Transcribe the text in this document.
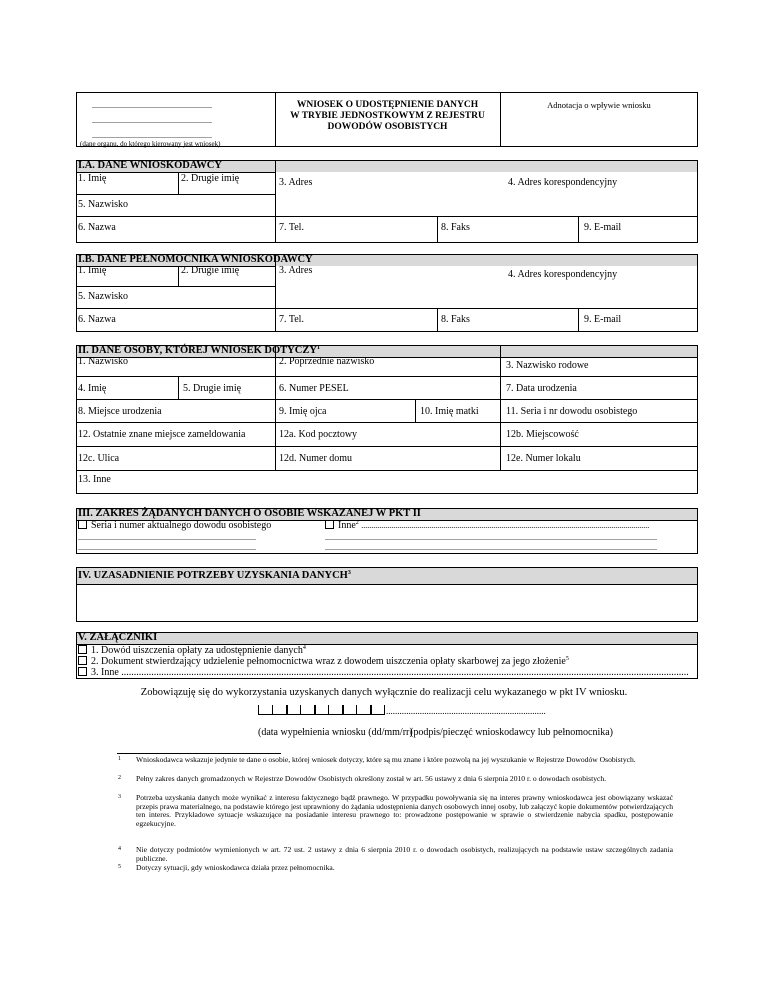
............................................................
............................................................
............................................................
(dane organu, do którego kierowany jest wniosek)
WNIOSEK O UDOSTĘPNIENIE DANYCH
W TRYBIE JEDNOSTKOWYM Z REJESTRU
DOWODÓW OSOBISTYCH
Adnotacja o wpływie wniosku
I.A. DANE WNIOSKODAWCY
1. Imię	2. Drugie imię	3. Adres	4. Adres korespondencyjny
5. Nazwisko
6. Nazwa	7. Tel.	8. Faks	9. E-mail
I.B. DANE PEŁNOMOCNIKA WNIOSKODAWCY
1. Imię	2. Drugie imię	3. Adres	4. Adres korespondencyjny
5. Nazwisko
6. Nazwa	7. Tel.	8. Faks	9. E-mail
II. DANE OSOBY, KTÓREJ WNIOSEK DOTYCZY$^1$
1. Nazwisko	2. Poprzednie nazwisko	3. Nazwisko rodowe
4. Imię	5. Drugie imię	6. Numer PESEL	7. Data urodzenia
8. Miejsce urodzenia	9. Imię ojca	10. Imię matki	11. Seria i nr dowodu osobistego
12. Ostatnie znane miejsce zameldowania	12a. Kod pocztowy	12b. Miejscowość
12c. Ulica	12d. Numer domu	12e. Numer lokalu
13. Inne
III. ZAKRES ŻĄDANYCH DANYCH O OSOBIE WSKAZANEJ W PKT II
Seria i numer aktualnego dowodu osobistego	Inne$^2$ ................................................................................................................................................
.........................................................................................
.........................................................................................
......................................................................................................................................................................
......................................................................................................................................................................
IV. UZASADNIENIE POTRZEBY UZYSKANIA DANYCH$^3$
V. ZAŁĄCZNIKI
1. Dowód uiszczenia opłaty za udostępnienie danych$^4$
2. Dokument stwierdzający udzielenie pełnomocnictwa wraz z dowodem uiszczenia opłaty skarbowej za jego złożenie$^5$
3. Inne ...................................................................................................................................................................................................................................
Zobowiązuję się do wykorzystania uzyskanych danych wyłącznie do realizacji celu wykazanego w pkt IV wniosku.
.......................................................................
(data wypełnienia wniosku (dd/mm/rr)
(podpis/pieczęć wnioskodawcy lub pełnomocnika)
1 Wnioskodawca wskazuje jedynie te dane o osobie, której wniosek dotyczy, które są mu znane i które pozwolą na jej wyszukanie w Rejestrze Dowodów Osobistych.
2 Pełny zakres danych gromadzonych w Rejestrze Dowodów Osobistych określony został w art. 56 ustawy z dnia 6 sierpnia 2010 r. o dowodach osobistych.
3 Potrzeba uzyskania danych może wynikać z interesu faktycznego bądź prawnego. W przypadku powoływania się na interes prawny wnioskodawca jest obowiązany wskazać przepis prawa materialnego, na podstawie którego jest uprawniony do żądania udostępnienia danych osobowych innej osoby, lub załączyć kopie dokumentów potwierdzających ten interes. Przykładowe sytuacje wskazujące na posiadanie interesu prawnego to: prowadzone postępowanie w sprawie o stwierdzenie nabycia spadku, postępowanie egzekucyjne.
4 Nie dotyczy podmiotów wymienionych w art. 72 ust. 2 ustawy z dnia 6 sierpnia 2010 r. o dowodach osobistych, realizujących na podstawie ustaw szczególnych zadania publiczne.
5 Dotyczy sytuacji, gdy wnioskodawca działa przez pełnomocnika.
